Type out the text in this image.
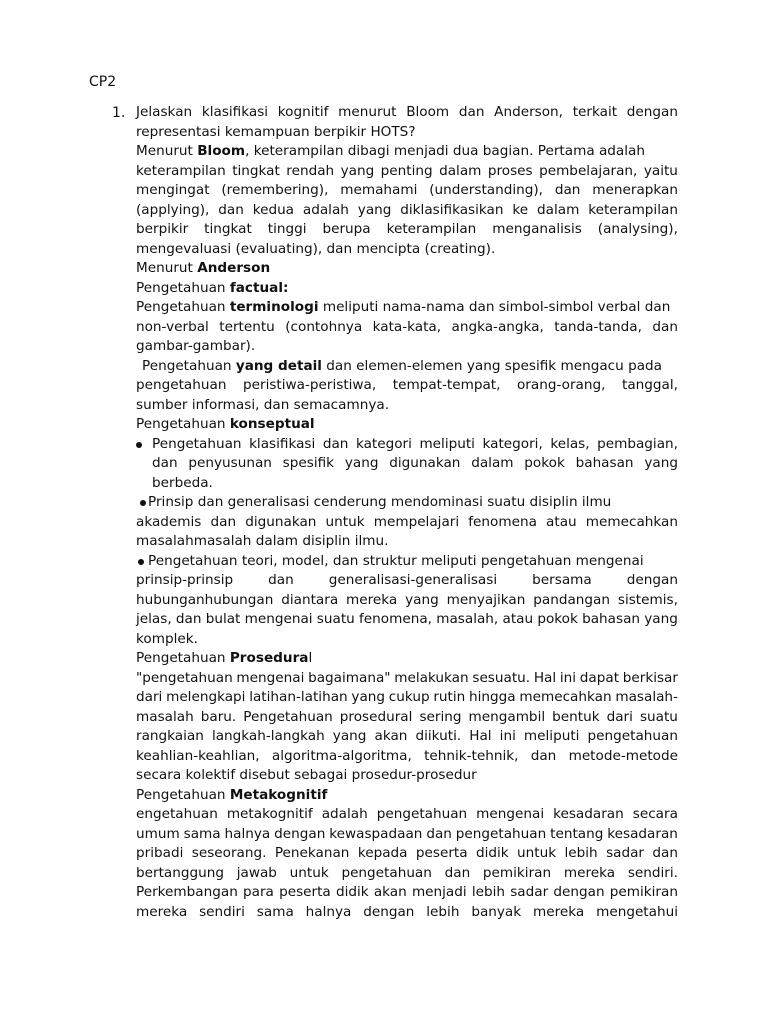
CP2
1. Jelaskan klasifikasi kognitif menurut Bloom dan Anderson, terkait dengan
representasi kemampuan berpikir HOTS?
Menurut Bloom, keterampilan dibagi menjadi dua bagian. Pertama adalah
keterampilan tingkat rendah yang penting dalam proses pembelajaran, yaitu
mengingat (remembering), memahami (understanding), dan menerapkan
(applying), dan kedua adalah yang diklasifikasikan ke dalam keterampilan
berpikir tingkat tinggi berupa keterampilan menganalisis (analysing),
mengevaluasi (evaluating), dan mencipta (creating).
Menurut Anderson
Pengetahuan factual:
Pengetahuan terminologi meliputi nama-nama dan simbol-simbol verbal dan
non-verbal tertentu (contohnya kata-kata, angka-angka, tanda-tanda, dan
gambar-gambar).
Pengetahuan yang detail dan elemen-elemen yang spesifik mengacu pada
pengetahuan peristiwa-peristiwa, tempat-tempat, orang-orang, tanggal,
sumber informasi, dan semacamnya.
Pengetahuan konseptual
Pengetahuan klasifikasi dan kategori meliputi kategori, kelas, pembagian,
dan penyusunan spesifik yang digunakan dalam pokok bahasan yang
berbeda.
Prinsip dan generalisasi cenderung mendominasi suatu disiplin ilmu
akademis dan digunakan untuk mempelajari fenomena atau memecahkan
masalahmasalah dalam disiplin ilmu.
Pengetahuan teori, model, dan struktur meliputi pengetahuan mengenai
prinsip-prinsip	dan	generalisasi-generalisasi	bersama	dengan
hubunganhubungan diantara mereka yang menyajikan pandangan sistemis,
jelas, dan bulat mengenai suatu fenomena, masalah, atau pokok bahasan yang
komplek.
Pengetahuan Prosedural
"pengetahuan mengenai bagaimana" melakukan sesuatu. Hal ini dapat berkisar
dari melengkapi latihan-latihan yang cukup rutin hingga memecahkan masalah-
masalah baru. Pengetahuan prosedural sering mengambil bentuk dari suatu
rangkaian langkah-langkah yang akan diikuti. Hal ini meliputi pengetahuan
keahlian-keahlian, algoritma-algoritma, tehnik-tehnik, dan metode-metode
secara kolektif disebut sebagai prosedur-prosedur
Pengetahuan Metakognitif
engetahuan metakognitif adalah pengetahuan mengenai kesadaran secara
umum sama halnya dengan kewaspadaan dan pengetahuan tentang kesadaran
pribadi seseorang. Penekanan kepada peserta didik untuk lebih sadar dan
bertanggung jawab untuk pengetahuan dan pemikiran mereka sendiri.
Perkembangan para peserta didik akan menjadi lebih sadar dengan pemikiran
mereka sendiri sama halnya dengan lebih banyak mereka mengetahui
